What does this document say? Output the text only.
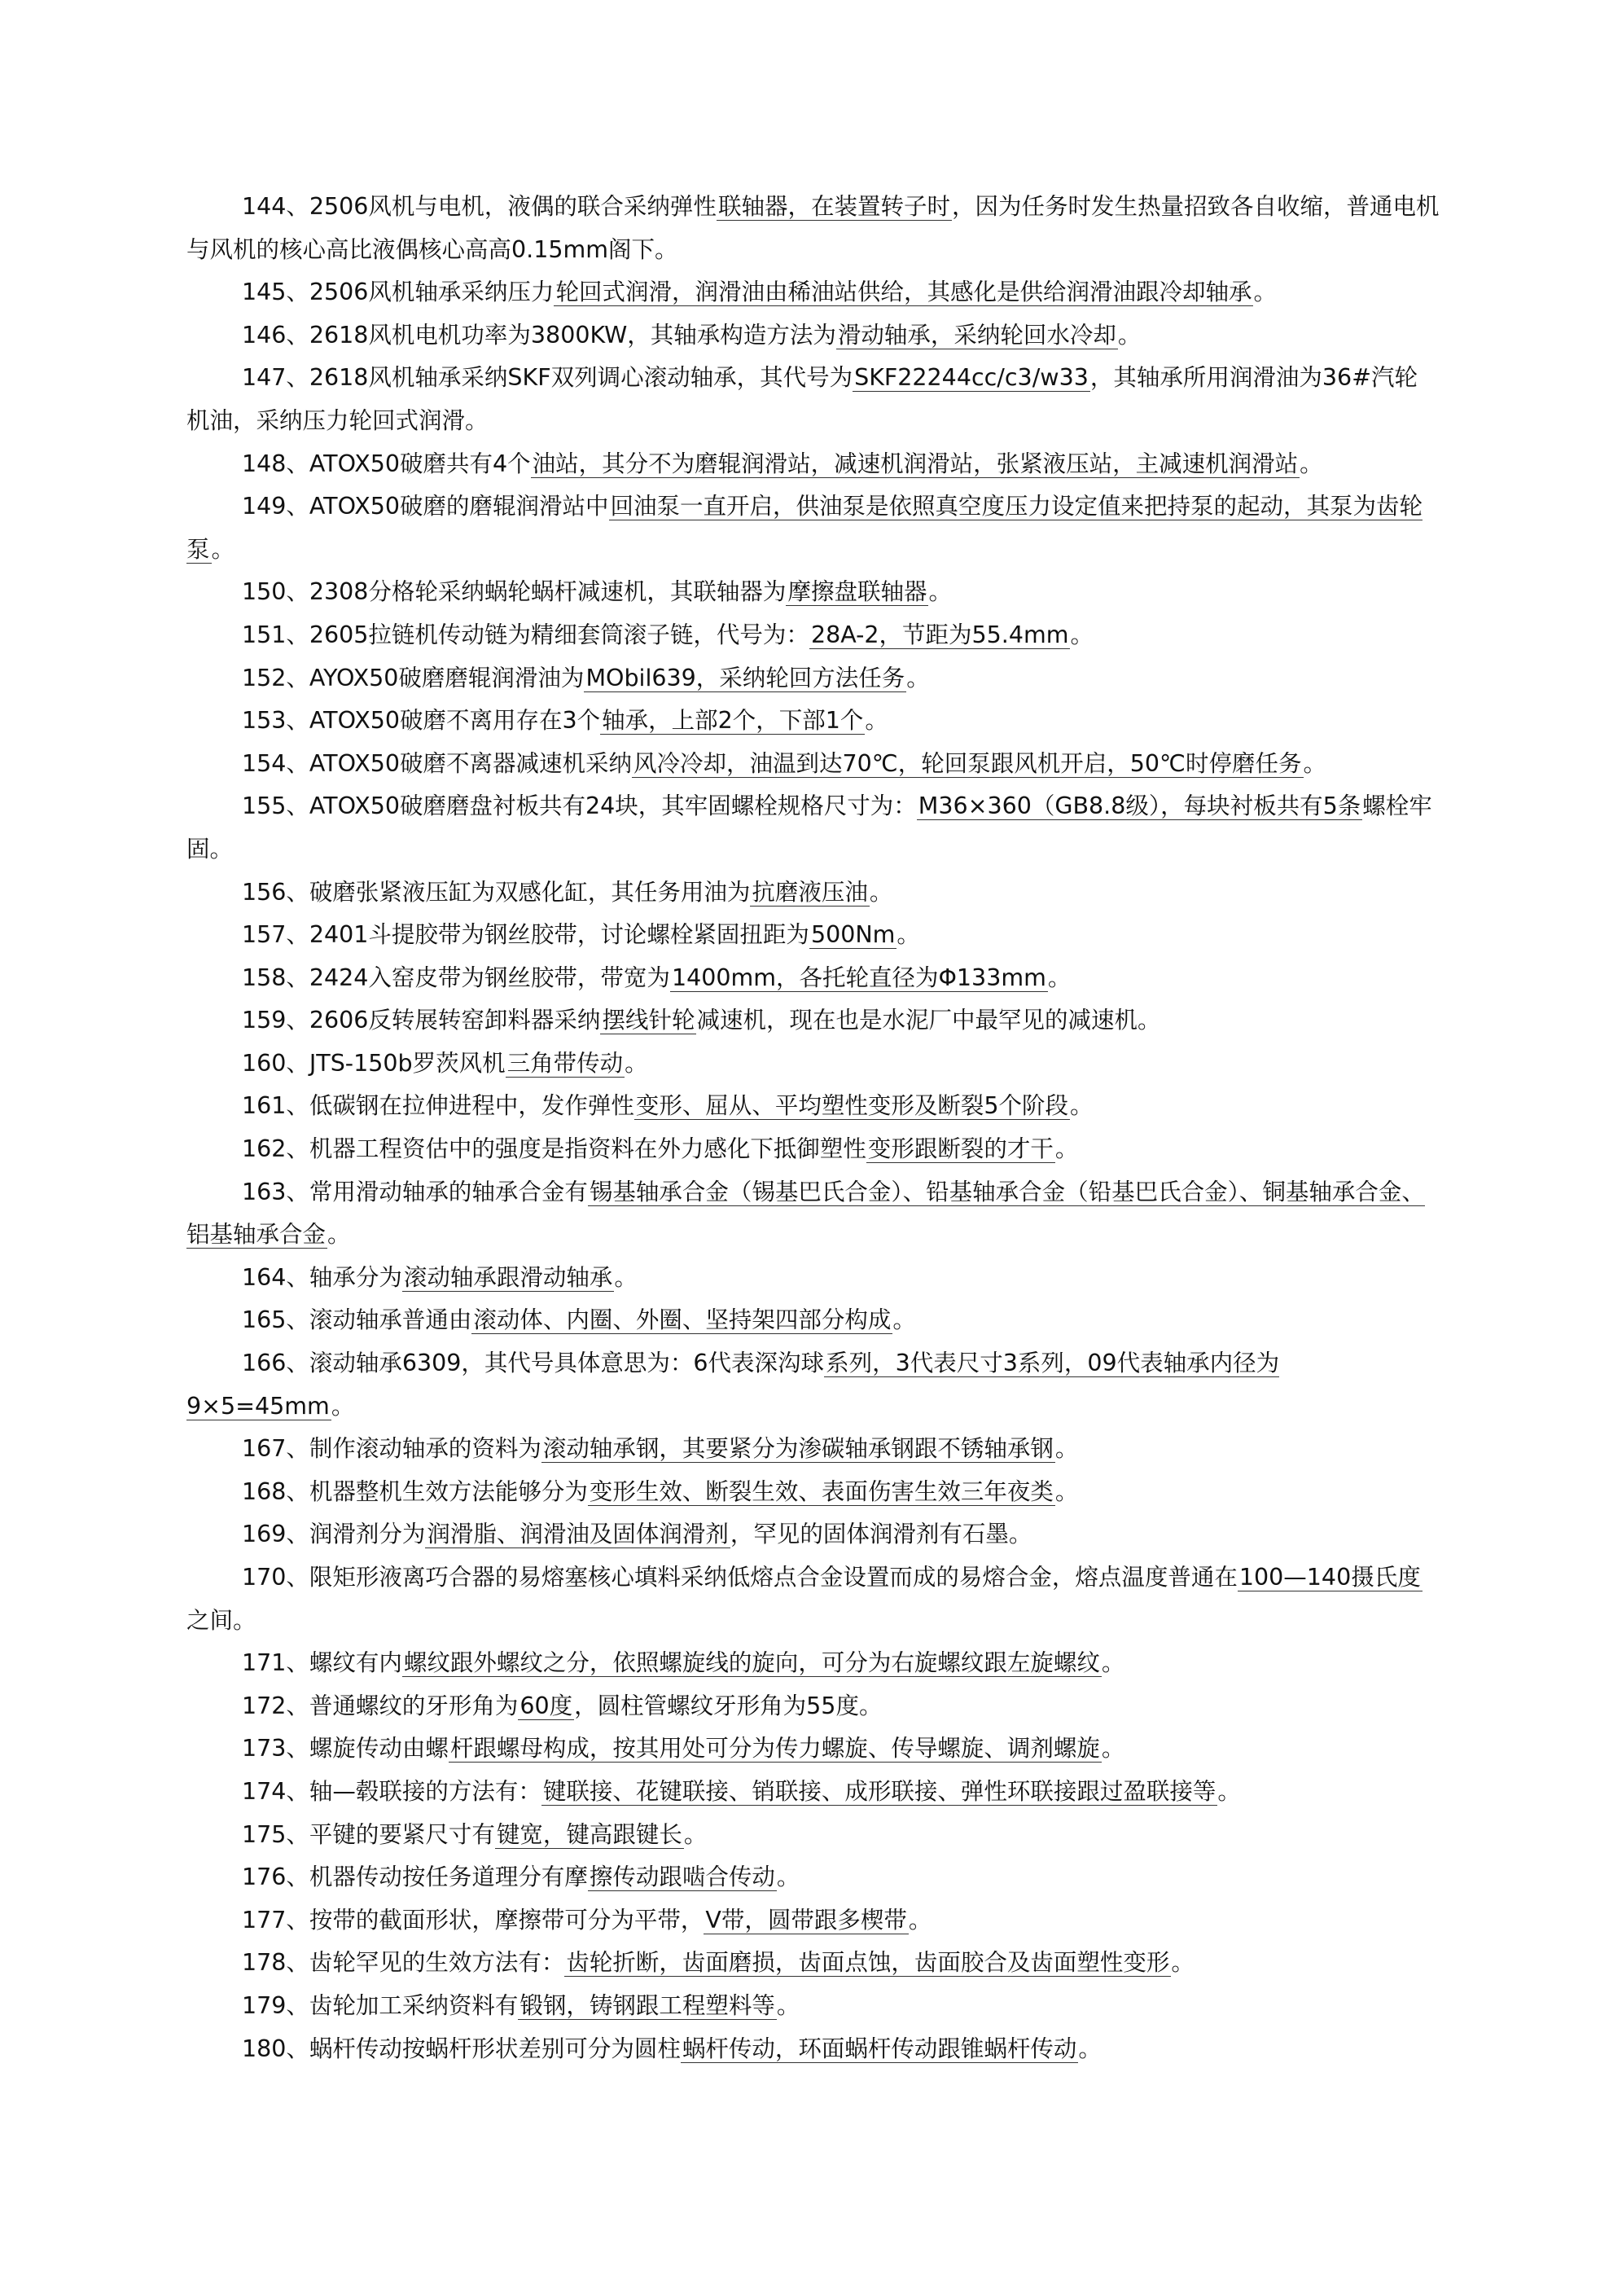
144、2506风机与电机，液偶的联合采纳弹性联轴器，在装置转子时，因为任务时发生热量招致各自收缩，普通电机与风机的核心高比液偶核心高高0.15mm阁下。

145、2506风机轴承采纳压力轮回式润滑，润滑油由稀油站供给，其感化是供给润滑油跟冷却轴承。

146、2618风机电机功率为3800KW，其轴承构造方法为滑动轴承，采纳轮回水冷却。

147、2618风机轴承采纳SKF双列调心滚动轴承，其代号为SKF22244cc/c3/w33，其轴承所用润滑油为36#汽轮机油，采纳压力轮回式润滑。

148、ATOX50破磨共有4个油站，其分不为磨辊润滑站，减速机润滑站，张紧液压站，主减速机润滑站。

149、ATOX50破磨的磨辊润滑站中回油泵一直开启，供油泵是依照真空度压力设定值来把持泵的起动，其泵为齿轮泵。

150、2308分格轮采纳蜗轮蜗杆减速机，其联轴器为摩擦盘联轴器。

151、2605拉链机传动链为精细套筒滚子链，代号为：28A-2，节距为55.4mm。

152、AYOX50破磨磨辊润滑油为MObil639，采纳轮回方法任务。

153、ATOX50破磨不离用存在3个轴承，上部2个，下部1个。

154、ATOX50破磨不离器减速机采纳风冷冷却，油温到达70℃，轮回泵跟风机开启，50℃时停磨任务。

155、ATOX50破磨磨盘衬板共有24块，其牢固螺栓规格尺寸为：M36×360（GB8.8级），每块衬板共有5条螺栓牢固。

156、破磨张紧液压缸为双感化缸，其任务用油为抗磨液压油。

157、2401斗提胶带为钢丝胶带，讨论螺栓紧固扭距为500Nm。

158、2424入窑皮带为钢丝胶带，带宽为1400mm，各托轮直径为Φ133mm。

159、2606反转展转窑卸料器采纳摆线针轮减速机，现在也是水泥厂中最罕见的减速机。

160、JTS-150b罗茨风机三角带传动。

161、低碳钢在拉伸进程中，发作弹性变形、屈从、平均塑性变形及断裂5个阶段。

162、机器工程资估中的强度是指资料在外力感化下抵御塑性变形跟断裂的才干。

163、常用滑动轴承的轴承合金有锡基轴承合金（锡基巴氏合金）、铅基轴承合金（铅基巴氏合金）、铜基轴承合金、铝基轴承合金。

164、轴承分为滚动轴承跟滑动轴承。

165、滚动轴承普通由滚动体、内圈、外圈、坚持架四部分构成。

166、滚动轴承6309，其代号具体意思为：6代表深沟球系列，3代表尺寸3系列，09代表轴承内径为9×5=45mm。

167、制作滚动轴承的资料为滚动轴承钢，其要紧分为渗碳轴承钢跟不锈轴承钢。

168、机器整机生效方法能够分为变形生效、断裂生效、表面伤害生效三年夜类。

169、润滑剂分为润滑脂、润滑油及固体润滑剂，罕见的固体润滑剂有石墨。

170、限矩形液离巧合器的易熔塞核心填料采纳低熔点合金设置而成的易熔合金，熔点温度普通在100—140摄氏度之间。

171、螺纹有内螺纹跟外螺纹之分，依照螺旋线的旋向，可分为右旋螺纹跟左旋螺纹。

172、普通螺纹的牙形角为60度，圆柱管螺纹牙形角为55度。

173、螺旋传动由螺杆跟螺母构成，按其用处可分为传力螺旋、传导螺旋、调剂螺旋。

174、轴—毂联接的方法有：键联接、花键联接、销联接、成形联接、弹性环联接跟过盈联接等。

175、平键的要紧尺寸有键宽，键高跟键长。

176、机器传动按任务道理分有摩擦传动跟啮合传动。

177、按带的截面形状，摩擦带可分为平带，V带，圆带跟多楔带。

178、齿轮罕见的生效方法有：齿轮折断，齿面磨损，齿面点蚀，齿面胶合及齿面塑性变形。

179、齿轮加工采纳资料有锻钢，铸钢跟工程塑料等。

180、蜗杆传动按蜗杆形状差别可分为圆柱蜗杆传动，环面蜗杆传动跟锥蜗杆传动。
